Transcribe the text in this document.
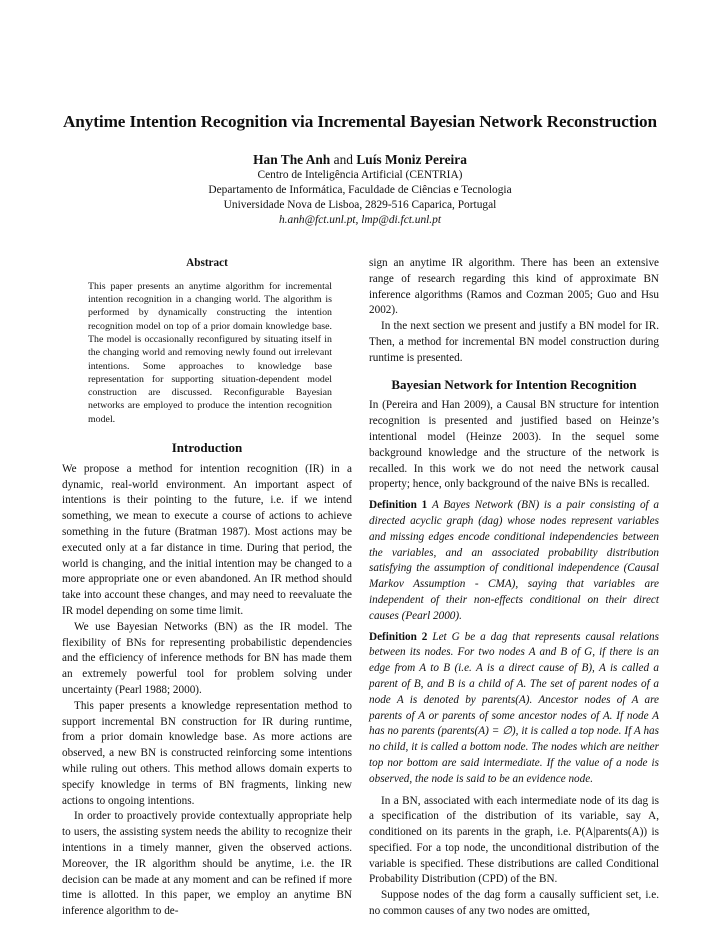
Anytime Intention Recognition via Incremental Bayesian Network Reconstruction
Han The Anh and Luís Moniz Pereira
Centro de Inteligência Artificial (CENTRIA)
Departamento de Informática, Faculdade de Ciências e Tecnologia
Universidade Nova de Lisboa, 2829-516 Caparica, Portugal
h.anh@fct.unl.pt, lmp@di.fct.unl.pt
Abstract
This paper presents an anytime algorithm for incremental intention recognition in a changing world. The algorithm is performed by dynamically constructing the intention recognition model on top of a prior domain knowledge base. The model is occasionally reconfigured by situating itself in the changing world and removing newly found out irrelevant intentions. Some approaches to knowledge base representation for supporting situation-dependent model construction are discussed. Reconfigurable Bayesian networks are employed to produce the intention recognition model.
Introduction

We propose a method for intention recognition (IR) in a dynamic, real-world environment. An important aspect of intentions is their pointing to the future, i.e. if we intend something, we mean to execute a course of actions to achieve something in the future (Bratman 1987). Most actions may be executed only at a far distance in time. During that period, the world is changing, and the initial intention may be changed to a more appropriate one or even abandoned. An IR method should take into account these changes, and may need to reevaluate the IR model depending on some time limit.

We use Bayesian Networks (BN) as the IR model. The flexibility of BNs for representing probabilistic dependencies and the efficiency of inference methods for BN has made them an extremely powerful tool for problem solving under uncertainty (Pearl 1988; 2000).

This paper presents a knowledge representation method to support incremental BN construction for IR during runtime, from a prior domain knowledge base. As more actions are observed, a new BN is constructed reinforcing some intentions while ruling out others. This method allows domain experts to specify knowledge in terms of BN fragments, linking new actions to ongoing intentions.

In order to proactively provide contextually appropriate help to users, the assisting system needs the ability to recognize their intentions in a timely manner, given the observed actions. Moreover, the IR algorithm should be anytime, i.e. the IR decision can be made at any moment and can be refined if more time is allotted. In this paper, we employ an anytime BN inference algorithm to de-

sign an anytime IR algorithm. There has been an extensive range of research regarding this kind of approximate BN inference algorithms (Ramos and Cozman 2005; Guo and Hsu 2002).

In the next section we present and justify a BN model for IR. Then, a method for incremental BN model construction during runtime is presented.

Bayesian Network for Intention Recognition

In (Pereira and Han 2009), a Causal BN structure for intention recognition is presented and justified based on Heinze’s intentional model (Heinze 2003). In the sequel some background knowledge and the structure of the network is recalled. In this work we do not need the network causal property; hence, only background of the naive BNs is recalled.

Definition 1 A Bayes Network (BN) is a pair consisting of a directed acyclic graph (dag) whose nodes represent variables and missing edges encode conditional independencies between the variables, and an associated probability distribution satisfying the assumption of conditional independence (Causal Markov Assumption - CMA), saying that variables are independent of their non-effects conditional on their direct causes (Pearl 2000).

Definition 2 Let G be a dag that represents causal relations between its nodes. For two nodes A and B of G, if there is an edge from A to B (i.e. A is a direct cause of B), A is called a parent of B, and B is a child of A. The set of parent nodes of a node A is denoted by parents(A). Ancestor nodes of A are parents of A or parents of some ancestor nodes of A. If node A has no parents (parents(A) = ∅), it is called a top node. If A has no child, it is called a bottom node. The nodes which are neither top nor bottom are said intermediate. If the value of a node is observed, the node is said to be an evidence node.

In a BN, associated with each intermediate node of its dag is a specification of the distribution of its variable, say A, conditioned on its parents in the graph, i.e. P(A|parents(A)) is specified. For a top node, the unconditional distribution of the variable is specified. These distributions are called Conditional Probability Distribution (CPD) of the BN.

Suppose nodes of the dag form a causally sufficient set, i.e. no common causes of any two nodes are omitted,
